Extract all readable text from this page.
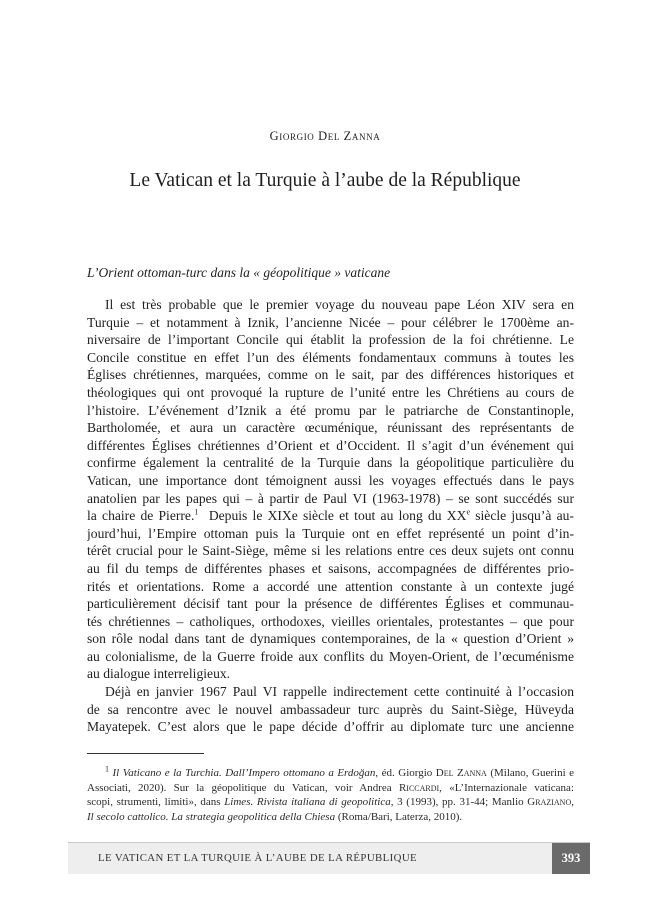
Giorgio Del Zanna
Le Vatican et la Turquie à l’aube de la République
L’Orient ottoman-turc dans la « géopolitique » vaticane

Il est très probable que le premier voyage du nouveau pape Léon XIV sera en
Turquie – et notamment à Iznik, l’ancienne Nicée – pour célébrer le 1700ème an-
niversaire de l’important Concile qui établit la profession de la foi chrétienne. Le
Concile constitue en effet l’un des éléments fondamentaux communs à toutes les
Églises chrétiennes, marquées, comme on le sait, par des différences historiques et
théologiques qui ont provoqué la rupture de l’unité entre les Chrétiens au cours de
l’histoire. L’événement d’Iznik a été promu par le patriarche de Constantinople,
Bartholomée, et aura un caractère œcuménique, réunissant des représentants de
différentes Églises chrétiennes d’Orient et d’Occident. Il s’agit d’un événement qui
confirme également la centralité de la Turquie dans la géopolitique particulière du
Vatican, une importance dont témoignent aussi les voyages effectués dans le pays
anatolien par les papes qui – à partir de Paul VI (1963-1978) – se sont succédés sur
la chaire de Pierre.$^1$ Depuis le XIXe siècle et tout au long du XXe siècle jusqu’à au-
jourd’hui, l’Empire ottoman puis la Turquie ont en effet représenté un point d’in-
térêt crucial pour le Saint-Siège, même si les relations entre ces deux sujets ont connu
au fil du temps de différentes phases et saisons, accompagnées de différentes prio-
rités et orientations. Rome a accordé une attention constante à un contexte jugé
particulièrement décisif tant pour la présence de différentes Églises et communau-
tés chrétiennes – catholiques, orthodoxes, vieilles orientales, protestantes – que pour
son rôle nodal dans tant de dynamiques contemporaines, de la « question d’Orient »
au colonialisme, de la Guerre froide aux conflits du Moyen-Orient, de l’œcuménisme
au dialogue interreligieux.

Déjà en janvier 1967 Paul VI rappelle indirectement cette continuité à l’occasion
de sa rencontre avec le nouvel ambassadeur turc auprès du Saint-Siège, Hüveyda
Mayatepek. C’est alors que le pape décide d’offrir au diplomate turc une ancienne

$^1$ Il Vaticano e la Turchia. Dall’Impero ottomano a Erdoğan, éd. Giorgio Del Zanna (Milano, Guerini e
Associati, 2020). Sur la géopolitique du Vatican, voir Andrea Riccardi, «L’Internazionale vaticana:
scopi, strumenti, limiti», dans Limes. Rivista italiana di geopolitica, 3 (1993), pp. 31-44; Manlio Graziano,
Il secolo cattolico. La strategia geopolitica della Chiesa (Roma/Bari, Laterza, 2010).
LE VATICAN ET LA TURQUIE À L’AUBE DE LA RÉPUBLIQUE	393
